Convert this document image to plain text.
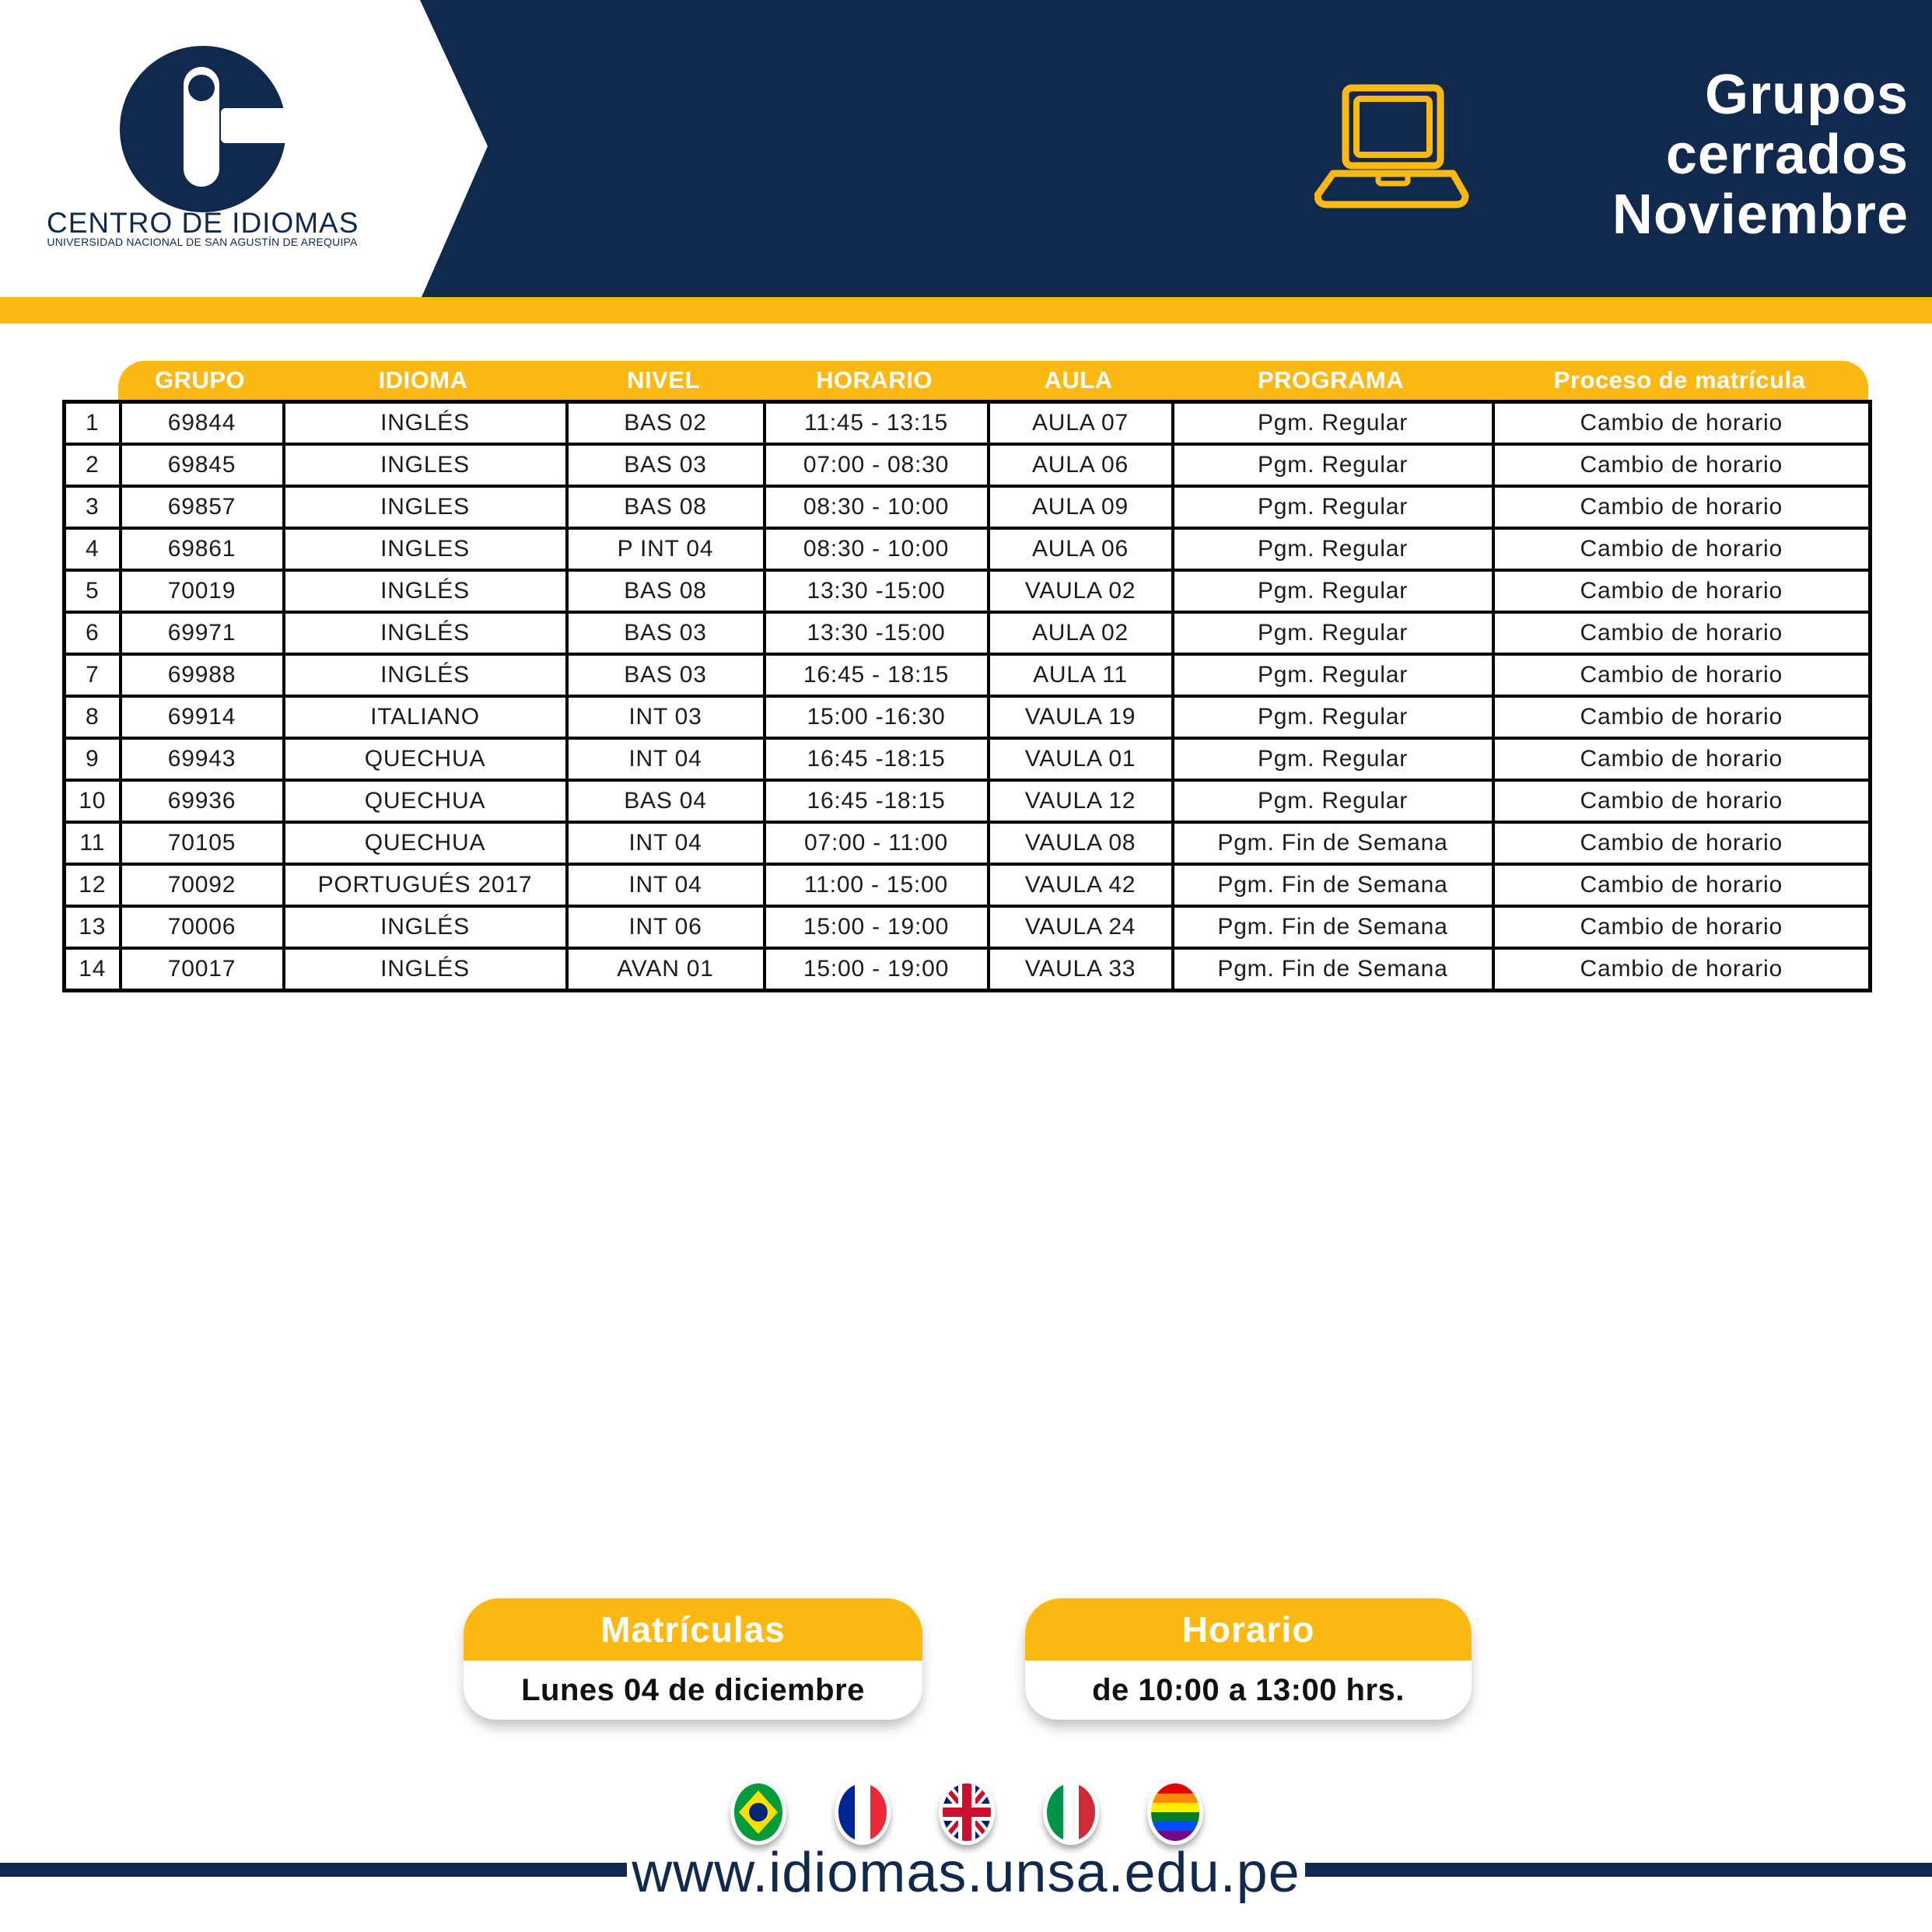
CENTRO DE IDIOMAS
UNIVERSIDAD NACIONAL DE SAN AGUSTÍN DE AREQUIPA
Grupos
cerrados
Noviembre
GRUPO	IDIOMA	NIVEL	HORARIO	AULA	PROGRAMA	Proceso de matrícula
1	69844	INGLÉS	BAS 02	11:45 - 13:15	AULA 07	Pgm. Regular	Cambio de horario
2	69845	INGLES	BAS 03	07:00 - 08:30	AULA 06	Pgm. Regular	Cambio de horario
3	69857	INGLES	BAS 08	08:30 - 10:00	AULA 09	Pgm. Regular	Cambio de horario
4	69861	INGLES	P INT 04	08:30 - 10:00	AULA 06	Pgm. Regular	Cambio de horario
5	70019	INGLÉS	BAS 08	13:30 -15:00	VAULA 02	Pgm. Regular	Cambio de horario
6	69971	INGLÉS	BAS 03	13:30 -15:00	AULA 02	Pgm. Regular	Cambio de horario
7	69988	INGLÉS	BAS 03	16:45 - 18:15	AULA 11	Pgm. Regular	Cambio de horario
8	69914	ITALIANO	INT 03	15:00 -16:30	VAULA 19	Pgm. Regular	Cambio de horario
9	69943	QUECHUA	INT 04	16:45 -18:15	VAULA 01	Pgm. Regular	Cambio de horario
10	69936	QUECHUA	BAS 04	16:45 -18:15	VAULA 12	Pgm. Regular	Cambio de horario
11	70105	QUECHUA	INT 04	07:00 - 11:00	VAULA 08	Pgm. Fin de Semana	Cambio de horario
12	70092	PORTUGUÉS 2017	INT 04	11:00 - 15:00	VAULA 42	Pgm. Fin de Semana	Cambio de horario
13	70006	INGLÉS	INT 06	15:00 - 19:00	VAULA 24	Pgm. Fin de Semana	Cambio de horario
14	70017	INGLÉS	AVAN 01	15:00 - 19:00	VAULA 33	Pgm. Fin de Semana	Cambio de horario
Matrículas
Lunes 04 de diciembre
Horario
de 10:00 a 13:00 hrs.
www.idiomas.unsa.edu.pe
